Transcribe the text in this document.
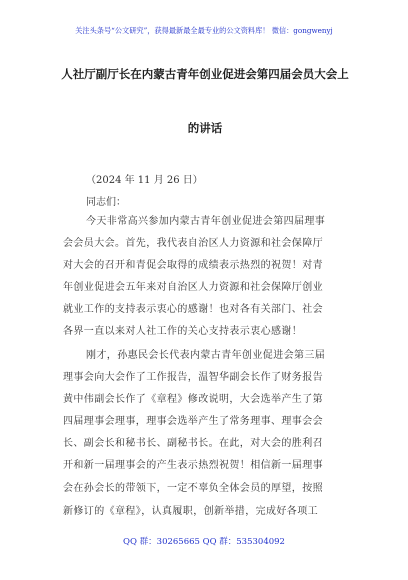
关注头条号“公文研究”，获得最新最全最专业的公文资料库！ 微信：gongwenyj
人社厅副厅长在内蒙古青年创业促进会第四届会员大会上
的讲话
（2024 年 11 月 26 日）
同志们：
今天非常高兴参加内蒙古青年创业促进会第四届理事
会会员大会。首先，我代表自治区人力资源和社会保障厅
对大会的召开和青促会取得的成绩表示热烈的祝贺！对青
年创业促进会五年来对自治区人力资源和社会保障厅创业
就业工作的支持表示衷心的感谢！也对各有关部门、社会
各界一直以来对人社工作的关心支持表示衷心感谢！
刚才，孙惠民会长代表内蒙古青年创业促进会第三届
理事会向大会作了工作报告，温智华副会长作了财务报告
黄中伟副会长作了《章程》修改说明，大会选举产生了第
四届理事会理事，理事会选举产生了常务理事、理事会会
长、副会长和秘书长、副秘书长。在此，对大会的胜利召
开和新一届理事会的产生表示热烈祝贺！相信新一届理事
会在孙会长的带领下，一定不辜负全体会员的厚望，按照
新修订的《章程》，认真履职，创新举措，完成好各项工
QQ 群：30265665 QQ 群：535304092
